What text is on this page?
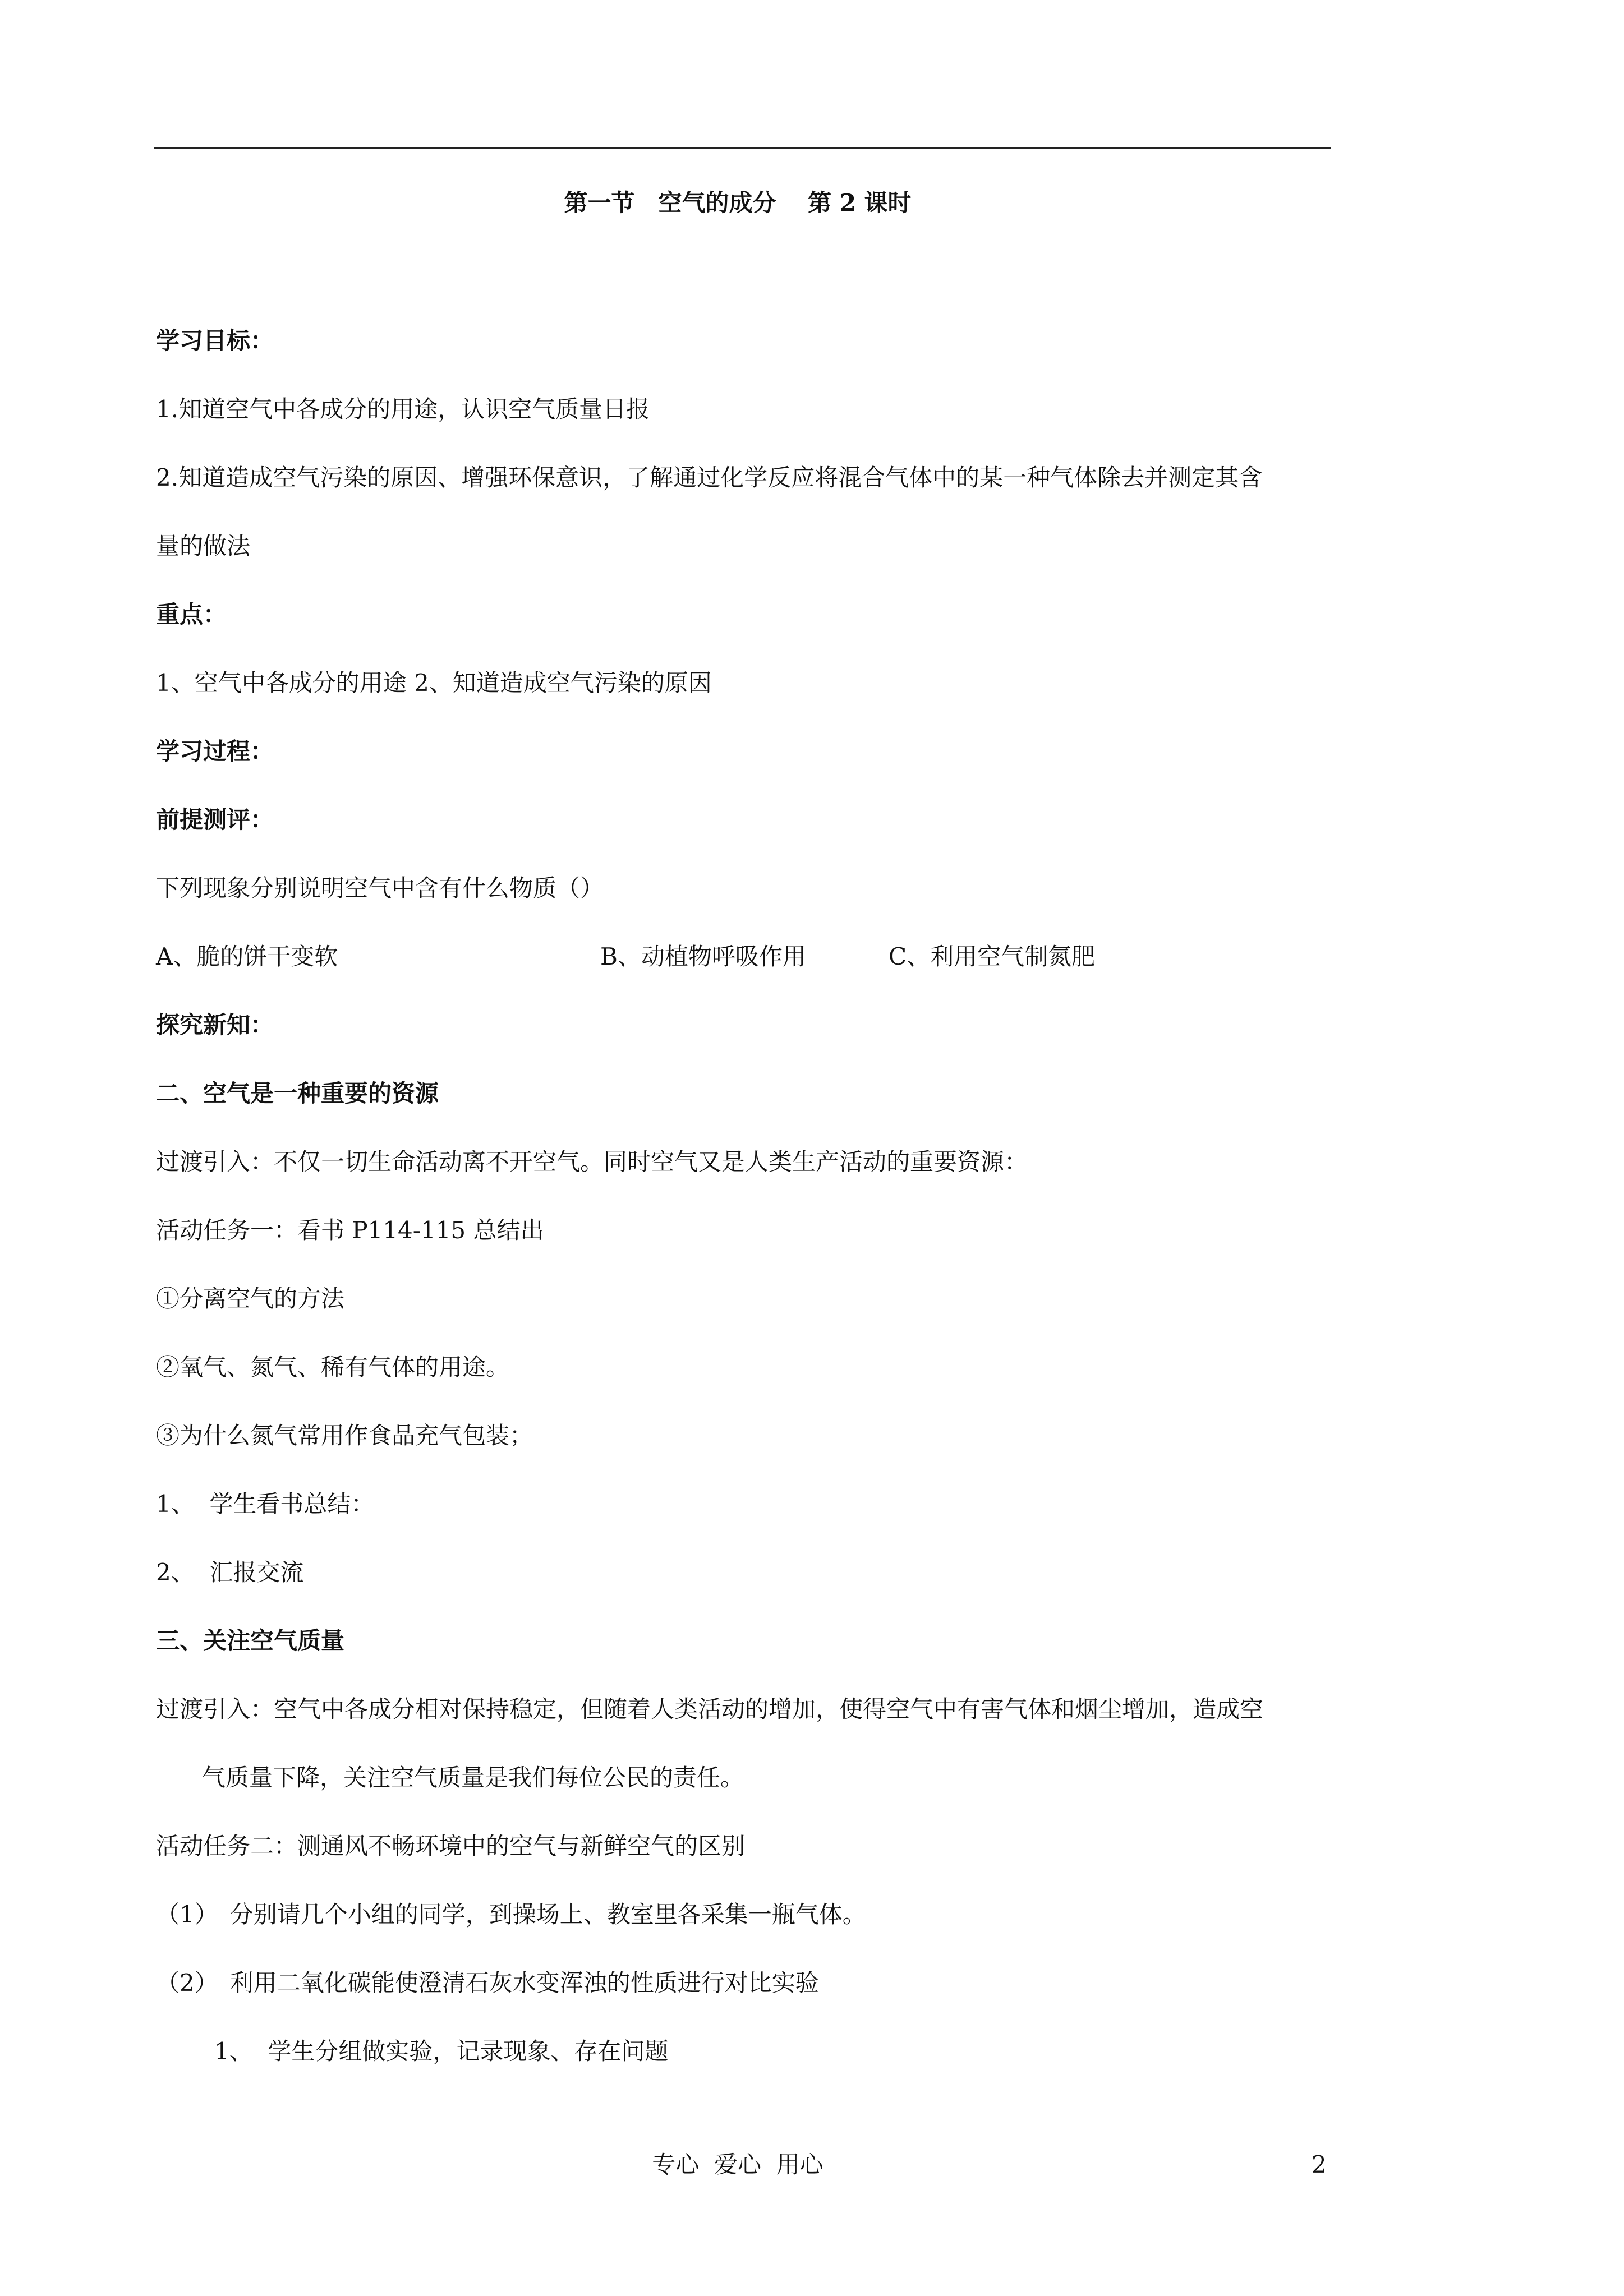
第一节　空气的成分　 第 2 课时
学习目标：
1.知道空气中各成分的用途，认识空气质量日报
2.知道造成空气污染的原因、增强环保意识，了解通过化学反应将混合气体中的某一种气体除去并测定其含
量的做法
重点：
1、空气中各成分的用途 2、知道造成空气污染的原因
学习过程：
前提测评：
下列现象分别说明空气中含有什么物质（）
A、脆的饼干变软	B、动植物呼吸作用	C、利用空气制氮肥
探究新知：
二、空气是一种重要的资源
过渡引入：不仅一切生命活动离不开空气。同时空气又是人类生产活动的重要资源：
活动任务一：看书 P114-115 总结出
①分离空气的方法
②氧气、氮气、稀有气体的用途。
③为什么氮气常用作食品充气包装；
1、  学生看书总结：
2、  汇报交流
三、关注空气质量
过渡引入：空气中各成分相对保持稳定，但随着人类活动的增加，使得空气中有害气体和烟尘增加，造成空
气质量下降，关注空气质量是我们每位公民的责任。
活动任务二：测通风不畅环境中的空气与新鲜空气的区别
（1）　分别请几个小组的同学，到操场上、教室里各采集一瓶气体。
（2）　利用二氧化碳能使澄清石灰水变浑浊的性质进行对比实验
1、  学生分组做实验，记录现象、存在问题
专心  爱心  用心	2
